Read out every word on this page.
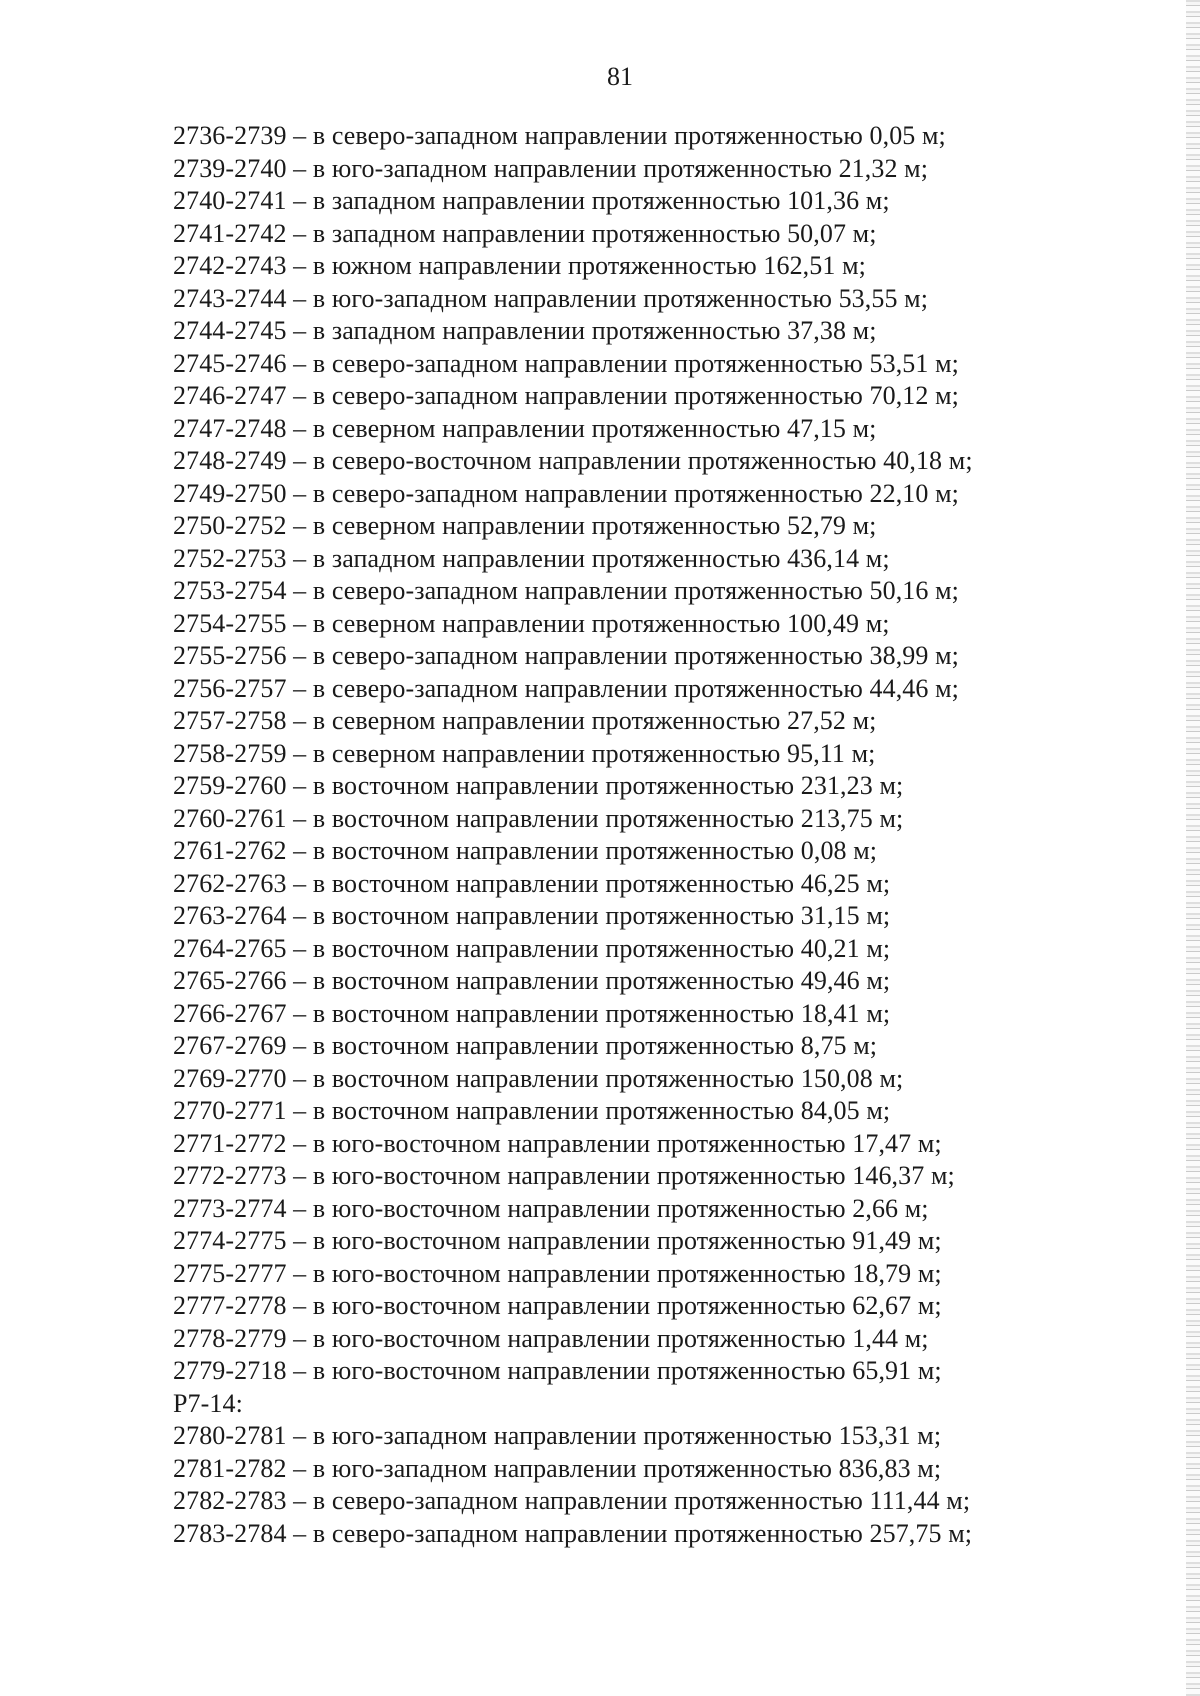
81
2736-2739 – в северо-западном направлении протяженностью 0,05 м;
2739-2740 – в юго-западном направлении протяженностью 21,32 м;
2740-2741 – в западном направлении протяженностью 101,36 м;
2741-2742 – в западном направлении протяженностью 50,07 м;
2742-2743 – в южном направлении протяженностью 162,51 м;
2743-2744 – в юго-западном направлении протяженностью 53,55 м;
2744-2745 – в западном направлении протяженностью 37,38 м;
2745-2746 – в северо-западном направлении протяженностью 53,51 м;
2746-2747 – в северо-западном направлении протяженностью 70,12 м;
2747-2748 – в северном направлении протяженностью 47,15 м;
2748-2749 – в северо-восточном направлении протяженностью 40,18 м;
2749-2750 – в северо-западном направлении протяженностью 22,10 м;
2750-2752 – в северном направлении протяженностью 52,79 м;
2752-2753 – в западном направлении протяженностью 436,14 м;
2753-2754 – в северо-западном направлении протяженностью 50,16 м;
2754-2755 – в северном направлении протяженностью 100,49 м;
2755-2756 – в северо-западном направлении протяженностью 38,99 м;
2756-2757 – в северо-западном направлении протяженностью 44,46 м;
2757-2758 – в северном направлении протяженностью 27,52 м;
2758-2759 – в северном направлении протяженностью 95,11 м;
2759-2760 – в восточном направлении протяженностью 231,23 м;
2760-2761 – в восточном направлении протяженностью 213,75 м;
2761-2762 – в восточном направлении протяженностью 0,08 м;
2762-2763 – в восточном направлении протяженностью 46,25 м;
2763-2764 – в восточном направлении протяженностью 31,15 м;
2764-2765 – в восточном направлении протяженностью 40,21 м;
2765-2766 – в восточном направлении протяженностью 49,46 м;
2766-2767 – в восточном направлении протяженностью 18,41 м;
2767-2769 – в восточном направлении протяженностью 8,75 м;
2769-2770 – в восточном направлении протяженностью 150,08 м;
2770-2771 – в восточном направлении протяженностью 84,05 м;
2771-2772 – в юго-восточном направлении протяженностью 17,47 м;
2772-2773 – в юго-восточном направлении протяженностью 146,37 м;
2773-2774 – в юго-восточном направлении протяженностью 2,66 м;
2774-2775 – в юго-восточном направлении протяженностью 91,49 м;
2775-2777 – в юго-восточном направлении протяженностью 18,79 м;
2777-2778 – в юго-восточном направлении протяженностью 62,67 м;
2778-2779 – в юго-восточном направлении протяженностью 1,44 м;
2779-2718 – в юго-восточном направлении протяженностью 65,91 м;
Р7-14:
2780-2781 – в юго-западном направлении протяженностью 153,31 м;
2781-2782 – в юго-западном направлении протяженностью 836,83 м;
2782-2783 – в северо-западном направлении протяженностью 111,44 м;
2783-2784 – в северо-западном направлении протяженностью 257,75 м;
